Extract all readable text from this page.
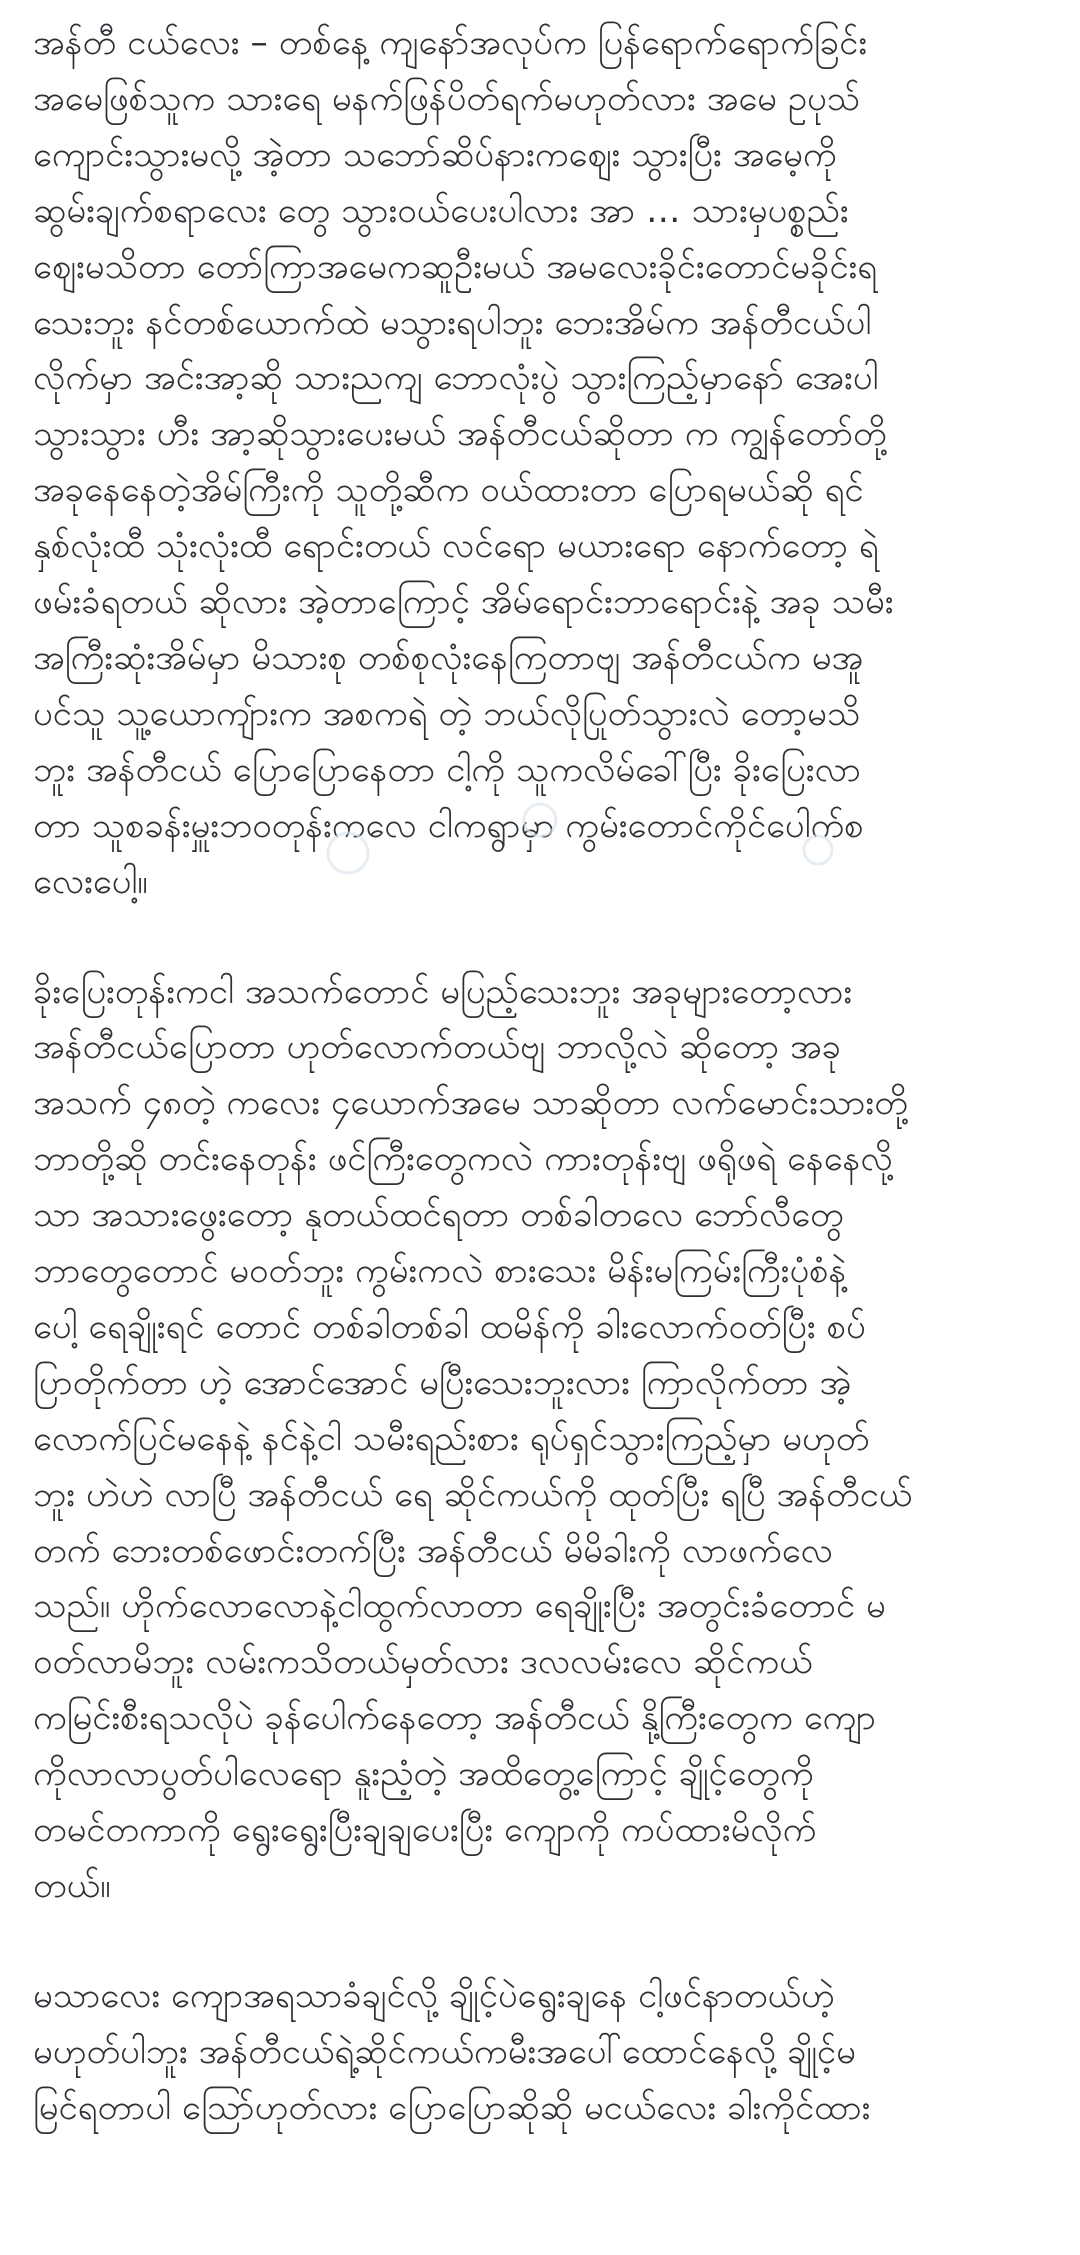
အန်တီ ငယ်လေး – တစ်နေ့ ကျနော်အလုပ်က ပြန်ရောက်ရောက်ခြင်း
အမေဖြစ်သူက သားရေ မနက်ဖြန်ပိတ်ရက်မဟုတ်လား အမေ ဥပုသ်
ကျောင်းသွားမလို့ အဲ့တာ သဘော်ဆိပ်နားကဈေး သွားပြီး အမေ့ကို
ဆွမ်းချက်စရာလေး တွေ သွားဝယ်ပေးပါလား အာ … သားမှပစ္စည်း
ဈေးမသိတာ တော်ကြာအမေကဆူဦးမယ် အမလေးခိုင်းတောင်မခိုင်းရ
သေးဘူး နင်တစ်ယောက်ထဲ မသွားရပါဘူး ဘေးအိမ်က အန်တီငယ်ပါ
လိုက်မှာ အင်းအာ့ဆို သားညကျ ဘောလုံးပွဲ သွားကြည့်မှာနော် အေးပါ
သွားသွား ဟီး အာ့ဆိုသွားပေးမယ် အန်တီငယ်ဆိုတာ က ကျွန်တော်တို့
အခုနေနေတဲ့အိမ်ကြီးကို သူတို့ဆီက ဝယ်ထားတာ ပြောရမယ်ဆို ရင်
နှစ်လုံးထီ သုံးလုံးထီ ရောင်းတယ် လင်ရော မယားရော နောက်တော့ ရဲ
ဖမ်းခံရတယ် ဆိုလား အဲ့တာကြောင့် အိမ်ရောင်းဘာရောင်းနဲ့ အခု သမီး
အကြီးဆုံးအိမ်မှာ မိသားစု တစ်စုလုံးနေကြတာဗျ အန်တီငယ်က မအူ
ပင်သူ သူ့ယောကျ်ားက အစကရဲ တဲ့ ဘယ်လိုပြုတ်သွားလဲ တော့မသိ
ဘူး အန်တီငယ် ပြောပြောနေတာ ငါ့ကို သူကလိမ်ခေါ်ပြီး ခိုးပြေးလာ
တာ သူစခန်းမှူးဘဝတုန်းကလေ ငါကရွာမှာ ကွမ်းတောင်ကိုင်ပေါက်စ
လေးပေါ့။

ခိုးပြေးတုန်းကငါ အသက်တောင် မပြည့်သေးဘူး အခုများတော့လား
အန်တီငယ်ပြောတာ ဟုတ်လောက်တယ်ဗျ ဘာလို့လဲ ဆိုတော့ အခု
အသက် ၄၈တဲ့ ကလေး ၄ယောက်အမေ သာဆိုတာ လက်မောင်းသားတို့
ဘာတို့ဆို တင်းနေတုန်း ဖင်ကြီးတွေကလဲ ကားတုန်းဗျ ဖရိုဖရဲ နေနေလို့
သာ အသားဖွေးတော့ နုတယ်ထင်ရတာ တစ်ခါတလေ ဘော်လီတွေ
ဘာတွေတောင် မဝတ်ဘူး ကွမ်းကလဲ စားသေး မိန်းမကြမ်းကြီးပုံစံနဲ့
ပေါ့ ရေချိုးရင် တောင် တစ်ခါတစ်ခါ ထမိန်ကို ခါးလောက်ဝတ်ပြီး စပ်
ပြာတိုက်တာ ဟဲ့ အောင်အောင် မပြီးသေးဘူးလား ကြာလိုက်တာ အဲ့
လောက်ပြင်မနေနဲ့ နင်နဲ့ငါ သမီးရည်းစား ရုပ်ရှင်သွားကြည့်မှာ မဟုတ်
ဘူး ဟဲဟဲ လာပြီ အန်တီငယ် ရေ ဆိုင်ကယ်ကို ထုတ်ပြီး ရပြီ အန်တီငယ်
တက် ဘေးတစ်ဖောင်းတက်ပြီး အန်တီငယ် မိမိခါးကို လာဖက်လေ
သည်။ ဟိုက်လောလောနဲ့ငါထွက်လာတာ ရေချိုးပြီး အတွင်းခံတောင် မ
ဝတ်လာမိဘူး လမ်းကသိတယ်မှတ်လား ဒလလမ်းလေ ဆိုင်ကယ်
ကမြင်းစီးရသလိုပဲ ခုန်ပေါက်နေတော့ အန်တီငယ် နို့ကြီးတွေက ကျော
ကိုလာလာပွတ်ပါလေရော နူးညံ့တဲ့ အထိတွေ့ကြောင့် ချိုင့်တွေကို
တမင်တကာကို ရွေးရွေးပြီးချချပေးပြီး ကျောကို ကပ်ထားမိလိုက်
တယ်။

မသာလေး ကျောအရသာခံချင်လို့ ချိုင့်ပဲရွေးချနေ ငါ့ဖင်နာတယ်ဟဲ့
မဟုတ်ပါဘူး အန်တီငယ်ရဲ့ဆိုင်ကယ်ကမီးအပေါ်ထောင်နေလို့ ချိုင့်မ
မြင်ရတာပါ သြော်ဟုတ်လား ပြောပြောဆိုဆို မငယ်လေး ခါးကိုင်ထား
